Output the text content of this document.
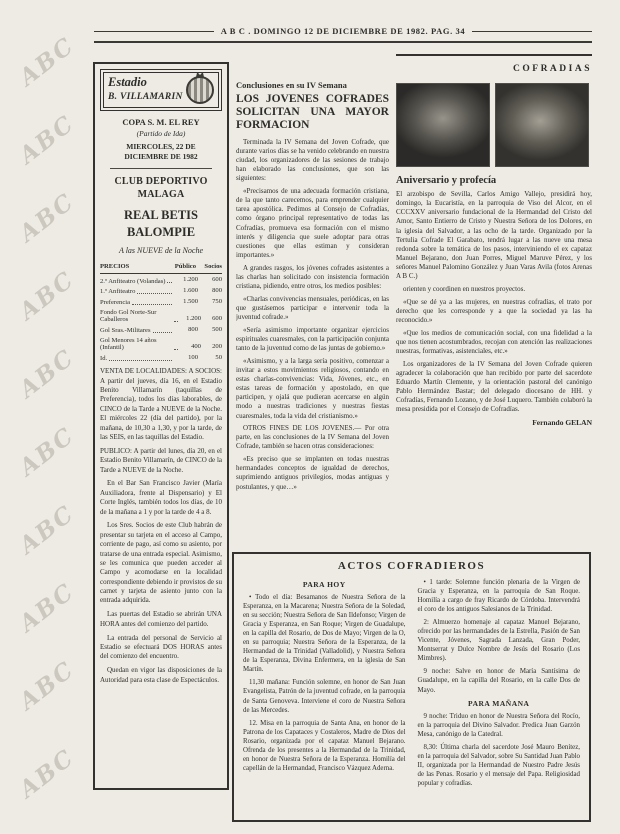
ABC
ABC
ABC
ABC
ABC
ABC
ABC
ABC
ABC
ABC
A B C . DOMINGO 12 DE DICIEMBRE DE 1982. PAG. 34
Estadio
B. VILLAMARIN
COPA S. M. EL REY
(Partido de Ida)
MIERCOLES, 22 DE DICIEMBRE DE 1982
CLUB DEPORTIVO MALAGA
REAL BETIS BALOMPIE
A las NUEVE de la Noche
PRECIOS	Público	Socios
2.º Anfiteatro (Volandas)	1.200	600
1.º Anfiteatro	1.600	800
Preferencia	1.500	750
Fondo Gol Norte-Sur Caballeros	1.200	600
Gol Sras.-Militares	800	500
Gol Menores 14 años (Infantil)	400	200
Id.	100	50

VENTA DE LOCALIDADES: A SOCIOS: A partir del jueves, día 16, en el Estadio Benito Villamarín (taquillas de Preferencia), todos los días laborables, de CINCO de la Tarde a NUEVE de la Noche. El miércoles 22 (día del partido), por la mañana, de 10,30 a 1,30, y por la tarde, de las SEIS, en las taquillas del Estadio.

PUBLICO: A partir del lunes, día 20, en el Estadio Benito Villamarín, de CINCO de la Tarde a NUEVE de la Noche.

En el Bar San Francisco Javier (María Auxiliadora, frente al Dispensario) y El Corte Inglés, también todos los días, de 10 de la mañana a 1 y por la tarde de 4 a 8.

Los Sres. Socios de este Club habrán de presentar su tarjeta en el acceso al Campo, corriente de pago, así como su asiento, por tratarse de una entrada especial. Asimismo, se les comunica que pueden acceder al Campo y acomodarse en la localidad correspondiente debiendo ir provistos de su carnet y tarjeta de asiento junto con la entrada adquirida.

Las puertas del Estadio se abrirán UNA HORA antes del comienzo del partido.

La entrada del personal de Servicio al Estadio se efectuará DOS HORAS antes del comienzo del encuentro.

Quedan en vigor las disposiciones de la Autoridad para esta clase de Espectáculos.

Conclusiones en su IV Semana
LOS JOVENES COFRADES SOLICITAN UNA MAYOR FORMACION

Terminada la IV Semana del Joven Cofrade, que durante varios días se ha venido celebrando en nuestra ciudad, los organizadores de las sesiones de trabajo han elaborado las conclusiones, que son las siguientes:

«Precisamos de una adecuada formación cristiana, de la que tanto carecemos, para emprender cualquier tarea apostólica. Pedimos al Consejo de Cofradías, como órgano principal representativo de todas las Cofradías, promueva esa formación con el mismo interés y diligencia que suele adoptar para otras cuestiones que ellas estiman y consideran importantes.»

A grandes rasgos, los jóvenes cofrades asistentes a las charlas han solicitado con insistencia formación cristiana, pidiendo, entre otros, los medios posibles:

«Charlas convivencias mensuales, periódicas, en las que gustásemos participar e intervenir toda la juventud cofrade.»

«Sería asimismo importante organizar ejercicios espirituales cuaresmales, con la participación conjunta tanto de la juventud como de las juntas de gobierno.»

«Asimismo, y a la larga sería positivo, comenzar a invitar a estos movimientos religiosos, contando en estas charlas-convivencias: Vida, Jóvenes, etc., en estas tareas de formación y apostolado, en que participen, y ojalá que pudieran acercarse en algún modo a nuestras tradiciones y nuestras fiestas cuaresmales, toda la vida del cristianismo.»

OTROS FINES DE LOS JOVENES.— Por otra parte, en las conclusiones de la IV Semana del Joven Cofrade, también se hacen otras consideraciones:

«Es preciso que se implanten en todas nuestras hermandades conceptos de igualdad de derechos, suprimiendo antiguos privilegios, modas antiguas y postulantes, y que…»

COFRADIAS
Aniversario y profecía

El arzobispo de Sevilla, Carlos Amigo Vallejo, presidirá hoy, domingo, la Eucaristía, en la parroquia de Viso del Alcor, en el CCCXXV aniversario fundacional de la Hermandad del Cristo del Amor, Santo Entierro de Cristo y Nuestra Señora de los Dolores, en la iglesia del Salvador, a las ocho de la tarde. Organizado por la Tertulia Cofrade El Garabato, tendrá lugar a las nueve una mesa redonda sobre la temática de los pasos, interviniendo el ex capataz Manuel Bejarano, don Juan Porres, Miguel Maruve Pérez, y los señores Manuel Palomino González y Juan Varas Avila (fotos Arenas A B C.)

orienten y coordinen en nuestros proyectos.

«Que se dé ya a las mujeres, en nuestras cofradías, el trato por derecho que les corresponde y a que la sociedad ya las ha reconocido.»

«Que los medios de comunicación social, con una fidelidad a la que nos tienen acostumbrados, recojan con atención las realizaciones nuestras, formativas, asistenciales, etc.»

Los organizadores de la IV Semana del Joven Cofrade quieren agradecer la colaboración que han recibido por parte del sacerdote Eduardo Martín Clemente, y la orientación pastoral del canónigo Pablo Hermández Bastar; del delegado diocesano de HH. y Cofradías, Fernando Lozano, y de José Luquero. También colaboró la mesa presidida por el Consejo de Cofradías.

Fernando GELAN
ACTOS COFRADIEROS
PARA HOY

• Todo el día: Besamanos de Nuestra Señora de la Esperanza, en la Macarena; Nuestra Señora de la Soledad, en su sección; Nuestra Señora de San Ildefonso; Virgen de Gracia y Esperanza, en San Roque; Virgen de Guadalupe, en la capilla del Rosario, de Dos de Mayo; Virgen de la O, en su parroquia; Nuestra Señora de la Esperanza, de la Hermandad de la Trinidad (Valladolid), y Nuestra Señora de la Esperanza, Divina Enfermera, en la iglesia de San Martín.

11,30 mañana: Función solemne, en honor de San Juan Evangelista, Patrón de la juventud cofrade, en la parroquia de Santa Genoveva. Interviene el coro de Nuestra Señora de las Mercedes.

12. Misa en la parroquia de Santa Ana, en honor de la Patrona de los Capataces y Costaleros, Madre de Dios del Rosario, organizada por el capataz Manuel Bejarano. Ofrenda de los presentes a la Hermandad de la Trinidad, en honor de Nuestra Señora de la Esperanza. Homilía del capellán de la Hermandad, Francisco Vázquez Aderna.

• 1 tarde: Solemne función plenaria de la Virgen de Gracia y Esperanza, en la parroquia de San Roque. Homilía a cargo de fray Ricardo de Córdoba. Intervendrá el coro de los antiguos Salesianos de la Trinidad.

2: Almuerzo homenaje al capataz Manuel Bejarano, ofrecido por las hermandades de la Estrella, Pasión de San Vicente, Jóvenes, Sagrada Lanzada, Gran Poder, Montserrat y Dulce Nombre de Jesús del Rosario (Los Mimbres).

9 noche: Salve en honor de María Santísima de Guadalupe, en la capilla del Rosario, en la calle Dos de Mayo.

PARA MAÑANA

9 noche: Triduo en honor de Nuestra Señora del Rocío, en la parroquia del Divino Salvador. Predica Juan Garzón Mesa, canónigo de la Catedral.

8,30: Última charla del sacerdote José Mauro Benítez, en la parroquia del Salvador, sobre Su Santidad Juan Pablo II, organizada por la Hermandad de Nuestro Padre Jesús de las Penas. Rosario y el mensaje del Papa. Religiosidad popular y cofradías.
